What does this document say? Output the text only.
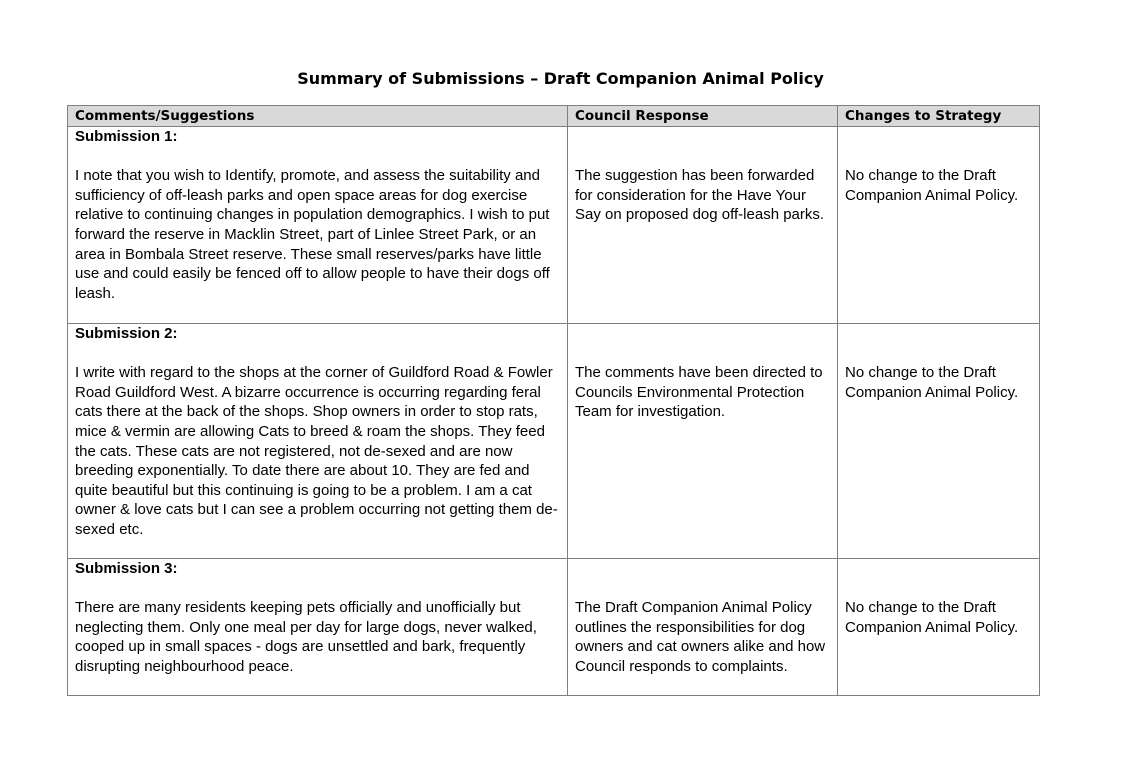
Summary of Submissions – Draft Companion Animal Policy
Comments/Suggestions	Council Response	Changes to Strategy

Submission 1:
I note that you wish to Identify, promote, and assess the suitability and sufficiency of off-leash parks and open space areas for dog exercise relative to continuing changes in population demographics. I wish to put forward the reserve in Macklin Street, part of Linlee Street Park, or an area in Bombala Street reserve. These small reserves/parks have little use and could easily be fenced off to allow people to have their dogs off leash.	The suggestion has been forwarded for consideration for the Have Your Say on proposed dog off-leash parks.	No change to the Draft Companion Animal Policy.

Submission 2:
I write with regard to the shops at the corner of Guildford Road & Fowler Road Guildford West. A bizarre occurrence is occurring regarding feral cats there at the back of the shops. Shop owners in order to stop rats, mice & vermin are allowing Cats to breed & roam the shops. They feed the cats. These cats are not registered, not de-sexed and are now breeding exponentially. To date there are about 10. They are fed and quite beautiful but this continuing is going to be a problem. I am a cat owner & love cats but I can see a problem occurring not getting them de-sexed etc.	The comments have been directed to Councils Environmental Protection Team for investigation.	No change to the Draft Companion Animal Policy.

Submission 3:
There are many residents keeping pets officially and unofficially but neglecting them. Only one meal per day for large dogs, never walked, cooped up in small spaces - dogs are unsettled and bark, frequently disrupting neighbourhood peace.	The Draft Companion Animal Policy outlines the responsibilities for dog owners and cat owners alike and how Council responds to complaints.	No change to the Draft Companion Animal Policy.
